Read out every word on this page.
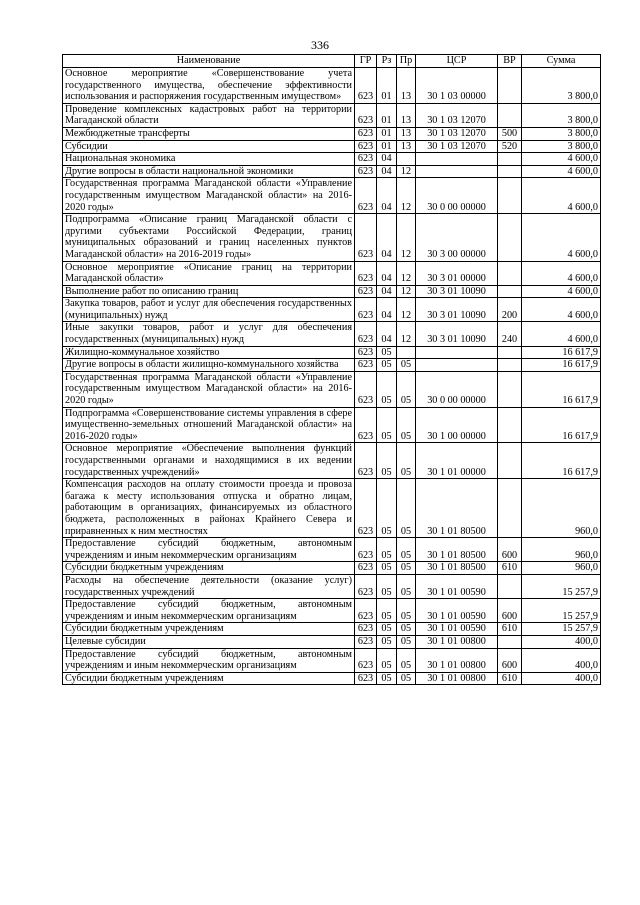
336
Наименование	ГР	Рз	Пр	ЦСР	ВР	Сумма
Основное мероприятие «Совершенствование учета государственного имущества, обеспечение эффективности использования и распоряжения государственным имуществом»	623	01	13	30 1 03 00000		3 800,0
Проведение комплексных кадастровых работ на территории Магаданской области	623	01	13	30 1 03 12070		3 800,0
Межбюджетные трансферты	623	01	13	30 1 03 12070	500	3 800,0
Субсидии	623	01	13	30 1 03 12070	520	3 800,0
Национальная экономика	623	04				4 600,0
Другие вопросы в области национальной экономики	623	04	12			4 600,0
Государственная программа Магаданской области «Управление государственным имуществом Магаданской области» на 2016-2020 годы»	623	04	12	30 0 00 00000		4 600,0
Подпрограмма «Описание границ Магаданской области с другими субъектами Российской Федерации, границ муниципальных образований и границ населенных пунктов Магаданской области» на 2016-2019 годы»	623	04	12	30 3 00 00000		4 600,0
Основное мероприятие «Описание границ на территории Магаданской области»	623	04	12	30 3 01 00000		4 600,0
Выполнение работ по описанию границ	623	04	12	30 3 01 10090		4 600,0
Закупка товаров, работ и услуг для обеспечения государственных (муниципальных) нужд	623	04	12	30 3 01 10090	200	4 600,0
Иные закупки товаров, работ и услуг для обеспечения государственных (муниципальных) нужд	623	04	12	30 3 01 10090	240	4 600,0
Жилищно-коммунальное хозяйство	623	05				16 617,9
Другие вопросы в области жилищно-коммунального хозяйства	623	05	05			16 617,9
Государственная программа Магаданской области «Управление государственным имуществом Магаданской области» на 2016-2020 годы»	623	05	05	30 0 00 00000		16 617,9
Подпрограмма «Совершенствование системы управления в сфере имущественно-земельных отношений Магаданской области» на 2016-2020 годы»	623	05	05	30 1 00 00000		16 617,9
Основное мероприятие «Обеспечение выполнения функций государственными органами и находящимися в их ведении государственных учреждений»	623	05	05	30 1 01 00000		16 617,9
Компенсация расходов на оплату стоимости проезда и провоза багажа к месту использования отпуска и обратно лицам, работающим в организациях, финансируемых из областного бюджета, расположенных в районах Крайнего Севера и приравненных к ним местностях	623	05	05	30 1 01 80500		960,0
Предоставление субсидий бюджетным, автономным учреждениям и иным некоммерческим организациям	623	05	05	30 1 01 80500	600	960,0
Субсидии бюджетным учреждениям	623	05	05	30 1 01 80500	610	960,0
Расходы на обеспечение деятельности (оказание услуг) государственных учреждений	623	05	05	30 1 01 00590		15 257,9
Предоставление субсидий бюджетным, автономным учреждениям и иным некоммерческим организациям	623	05	05	30 1 01 00590	600	15 257,9
Субсидии бюджетным учреждениям	623	05	05	30 1 01 00590	610	15 257,9
Целевые субсидии	623	05	05	30 1 01 00800		400,0
Предоставление субсидий бюджетным, автономным учреждениям и иным некоммерческим организациям	623	05	05	30 1 01 00800	600	400,0
Субсидии бюджетным учреждениям	623	05	05	30 1 01 00800	610	400,0
